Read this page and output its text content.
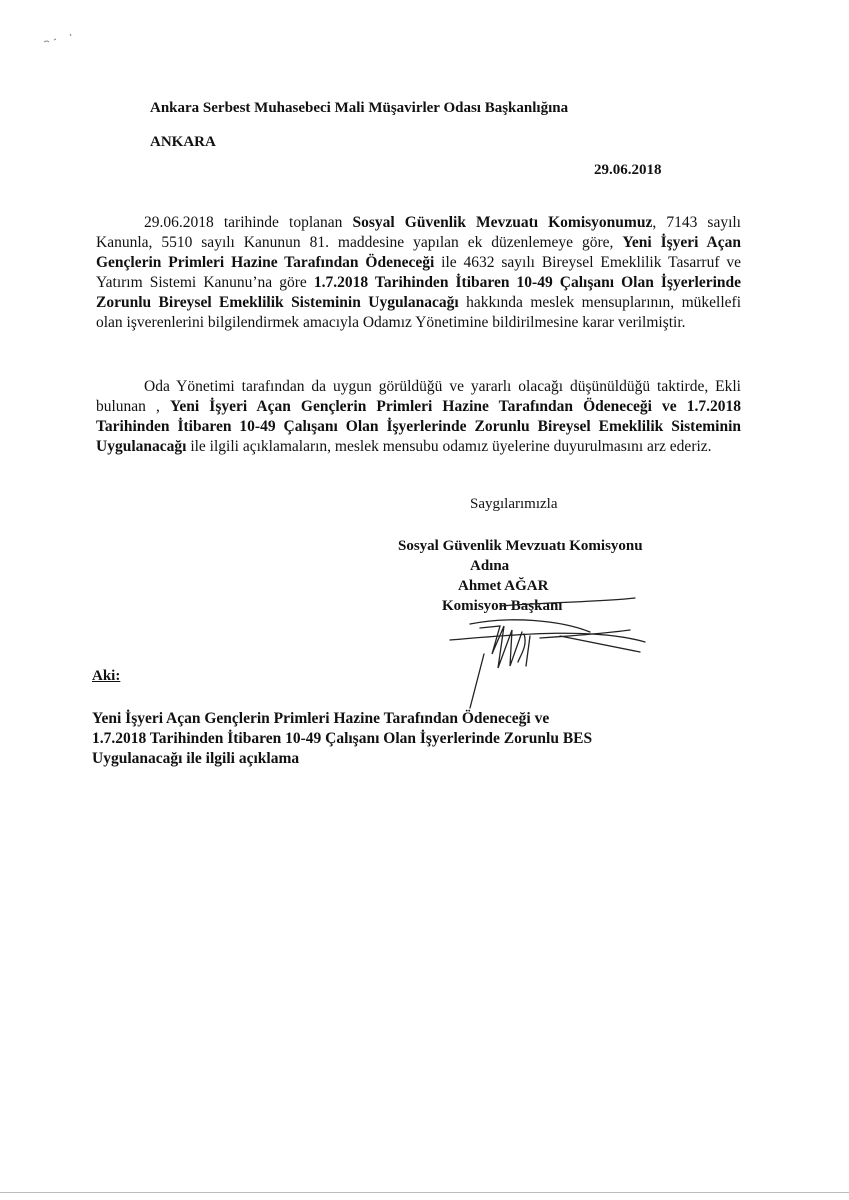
Ankara Serbest Muhasebeci Mali Müşavirler Odası Başkanlığına
ANKARA
29.06.2018
29.06.2018 tarihinde toplanan Sosyal Güvenlik Mevzuatı Komisyonumuz, 7143 sayılı Kanunla, 5510 sayılı Kanunun 81. maddesine yapılan ek düzenlemeye göre, Yeni İşyeri Açan Gençlerin Primleri Hazine Tarafından Ödeneceği ile 4632 sayılı Bireysel Emeklilik Tasarruf ve Yatırım Sistemi Kanunu’na göre 1.7.2018 Tarihinden İtibaren 10-49 Çalışanı Olan İşyerlerinde Zorunlu Bireysel Emeklilik Sisteminin Uygulanacağı hakkında meslek mensuplarının, mükellefi olan işverenlerini bilgilendirmek amacıyla Odamız Yönetimine bildirilmesine karar verilmiştir.
Oda Yönetimi tarafından da uygun görüldüğü ve yararlı olacağı düşünüldüğü taktirde, Ekli bulunan , Yeni İşyeri Açan Gençlerin Primleri Hazine Tarafından Ödeneceği ve 1.7.2018 Tarihinden İtibaren 10-49 Çalışanı Olan İşyerlerinde Zorunlu Bireysel Emeklilik Sisteminin Uygulanacağı ile ilgili açıklamaların, meslek mensubu odamız üyelerine duyurulmasını arz ederiz.
Saygılarımızla
Sosyal Güvenlik Mevzuatı Komisyonu
Adına
Ahmet AĞAR
Komisyon Başkanı
Aki:
Yeni İşyeri Açan Gençlerin Primleri Hazine Tarafından Ödeneceği ve
1.7.2018 Tarihinden İtibaren 10-49 Çalışanı Olan İşyerlerinde Zorunlu BES
Uygulanacağı ile ilgili açıklama
